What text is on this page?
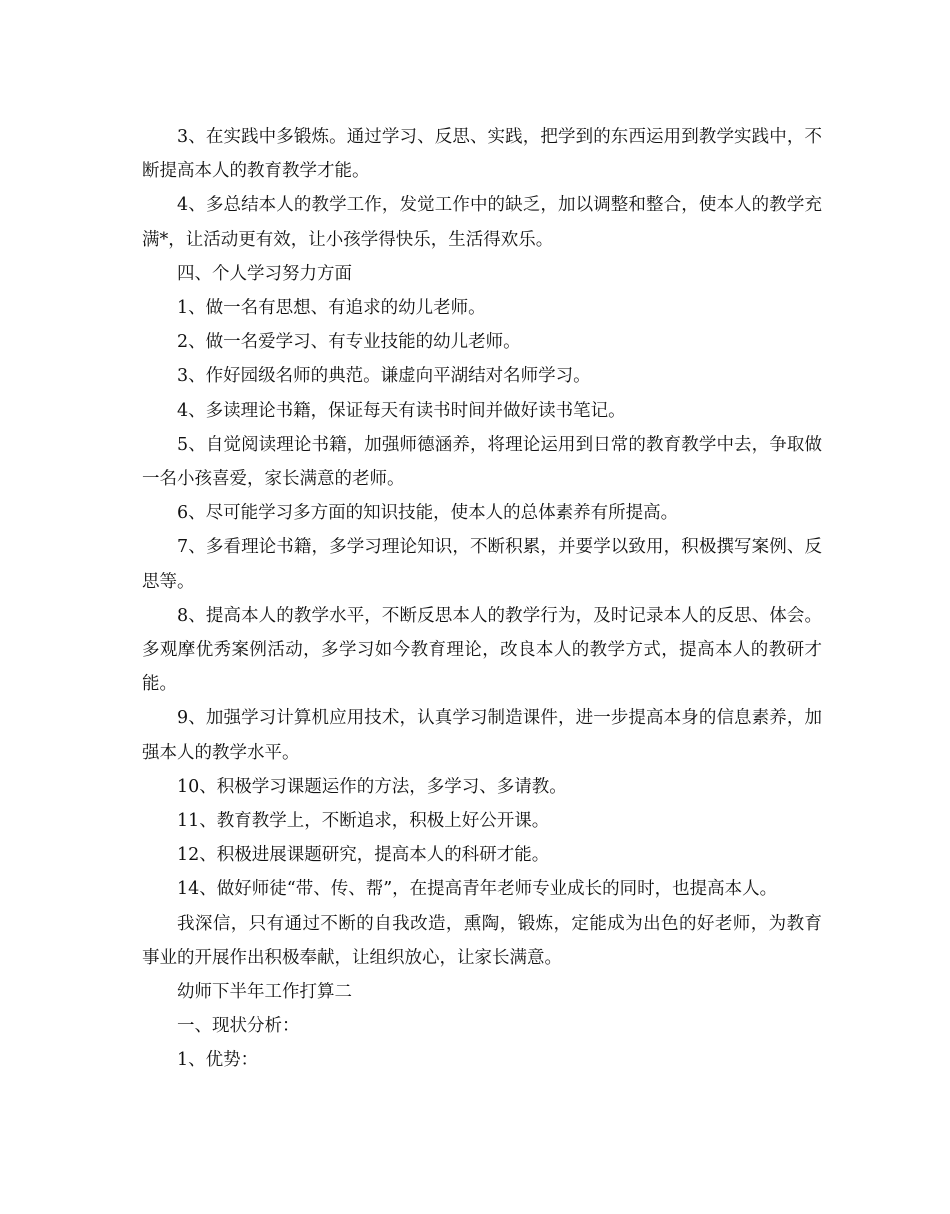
3、在实践中多锻炼。通过学习、反思、实践，把学到的东西运用到教学实践中，不断提高本人的教育教学才能。

4、多总结本人的教学工作，发觉工作中的缺乏，加以调整和整合，使本人的教学充满*，让活动更有效，让小孩学得快乐，生活得欢乐。

四、个人学习努力方面

1、做一名有思想、有追求的幼儿老师。

2、做一名爱学习、有专业技能的幼儿老师。

3、作好园级名师的典范。谦虚向平湖结对名师学习。

4、多读理论书籍，保证每天有读书时间并做好读书笔记。

5、自觉阅读理论书籍，加强师德涵养，将理论运用到日常的教育教学中去，争取做一名小孩喜爱，家长满意的老师。

6、尽可能学习多方面的知识技能，使本人的总体素养有所提高。

7、多看理论书籍，多学习理论知识，不断积累，并要学以致用，积极撰写案例、反思等。

8、提高本人的教学水平，不断反思本人的教学行为，及时记录本人的反思、体会。多观摩优秀案例活动，多学习如今教育理论，改良本人的教学方式，提高本人的教研才能。

9、加强学习计算机应用技术，认真学习制造课件，进一步提高本身的信息素养，加强本人的教学水平。

10、积极学习课题运作的方法，多学习、多请教。

11、教育教学上，不断追求，积极上好公开课。

12、积极进展课题研究，提高本人的科研才能。

14、做好师徒“带、传、帮”，在提高青年老师专业成长的同时，也提高本人。

我深信，只有通过不断的自我改造，熏陶，锻炼，定能成为出色的好老师，为教育事业的开展作出积极奉献，让组织放心，让家长满意。

幼师下半年工作打算二

一、现状分析：

1、优势：
